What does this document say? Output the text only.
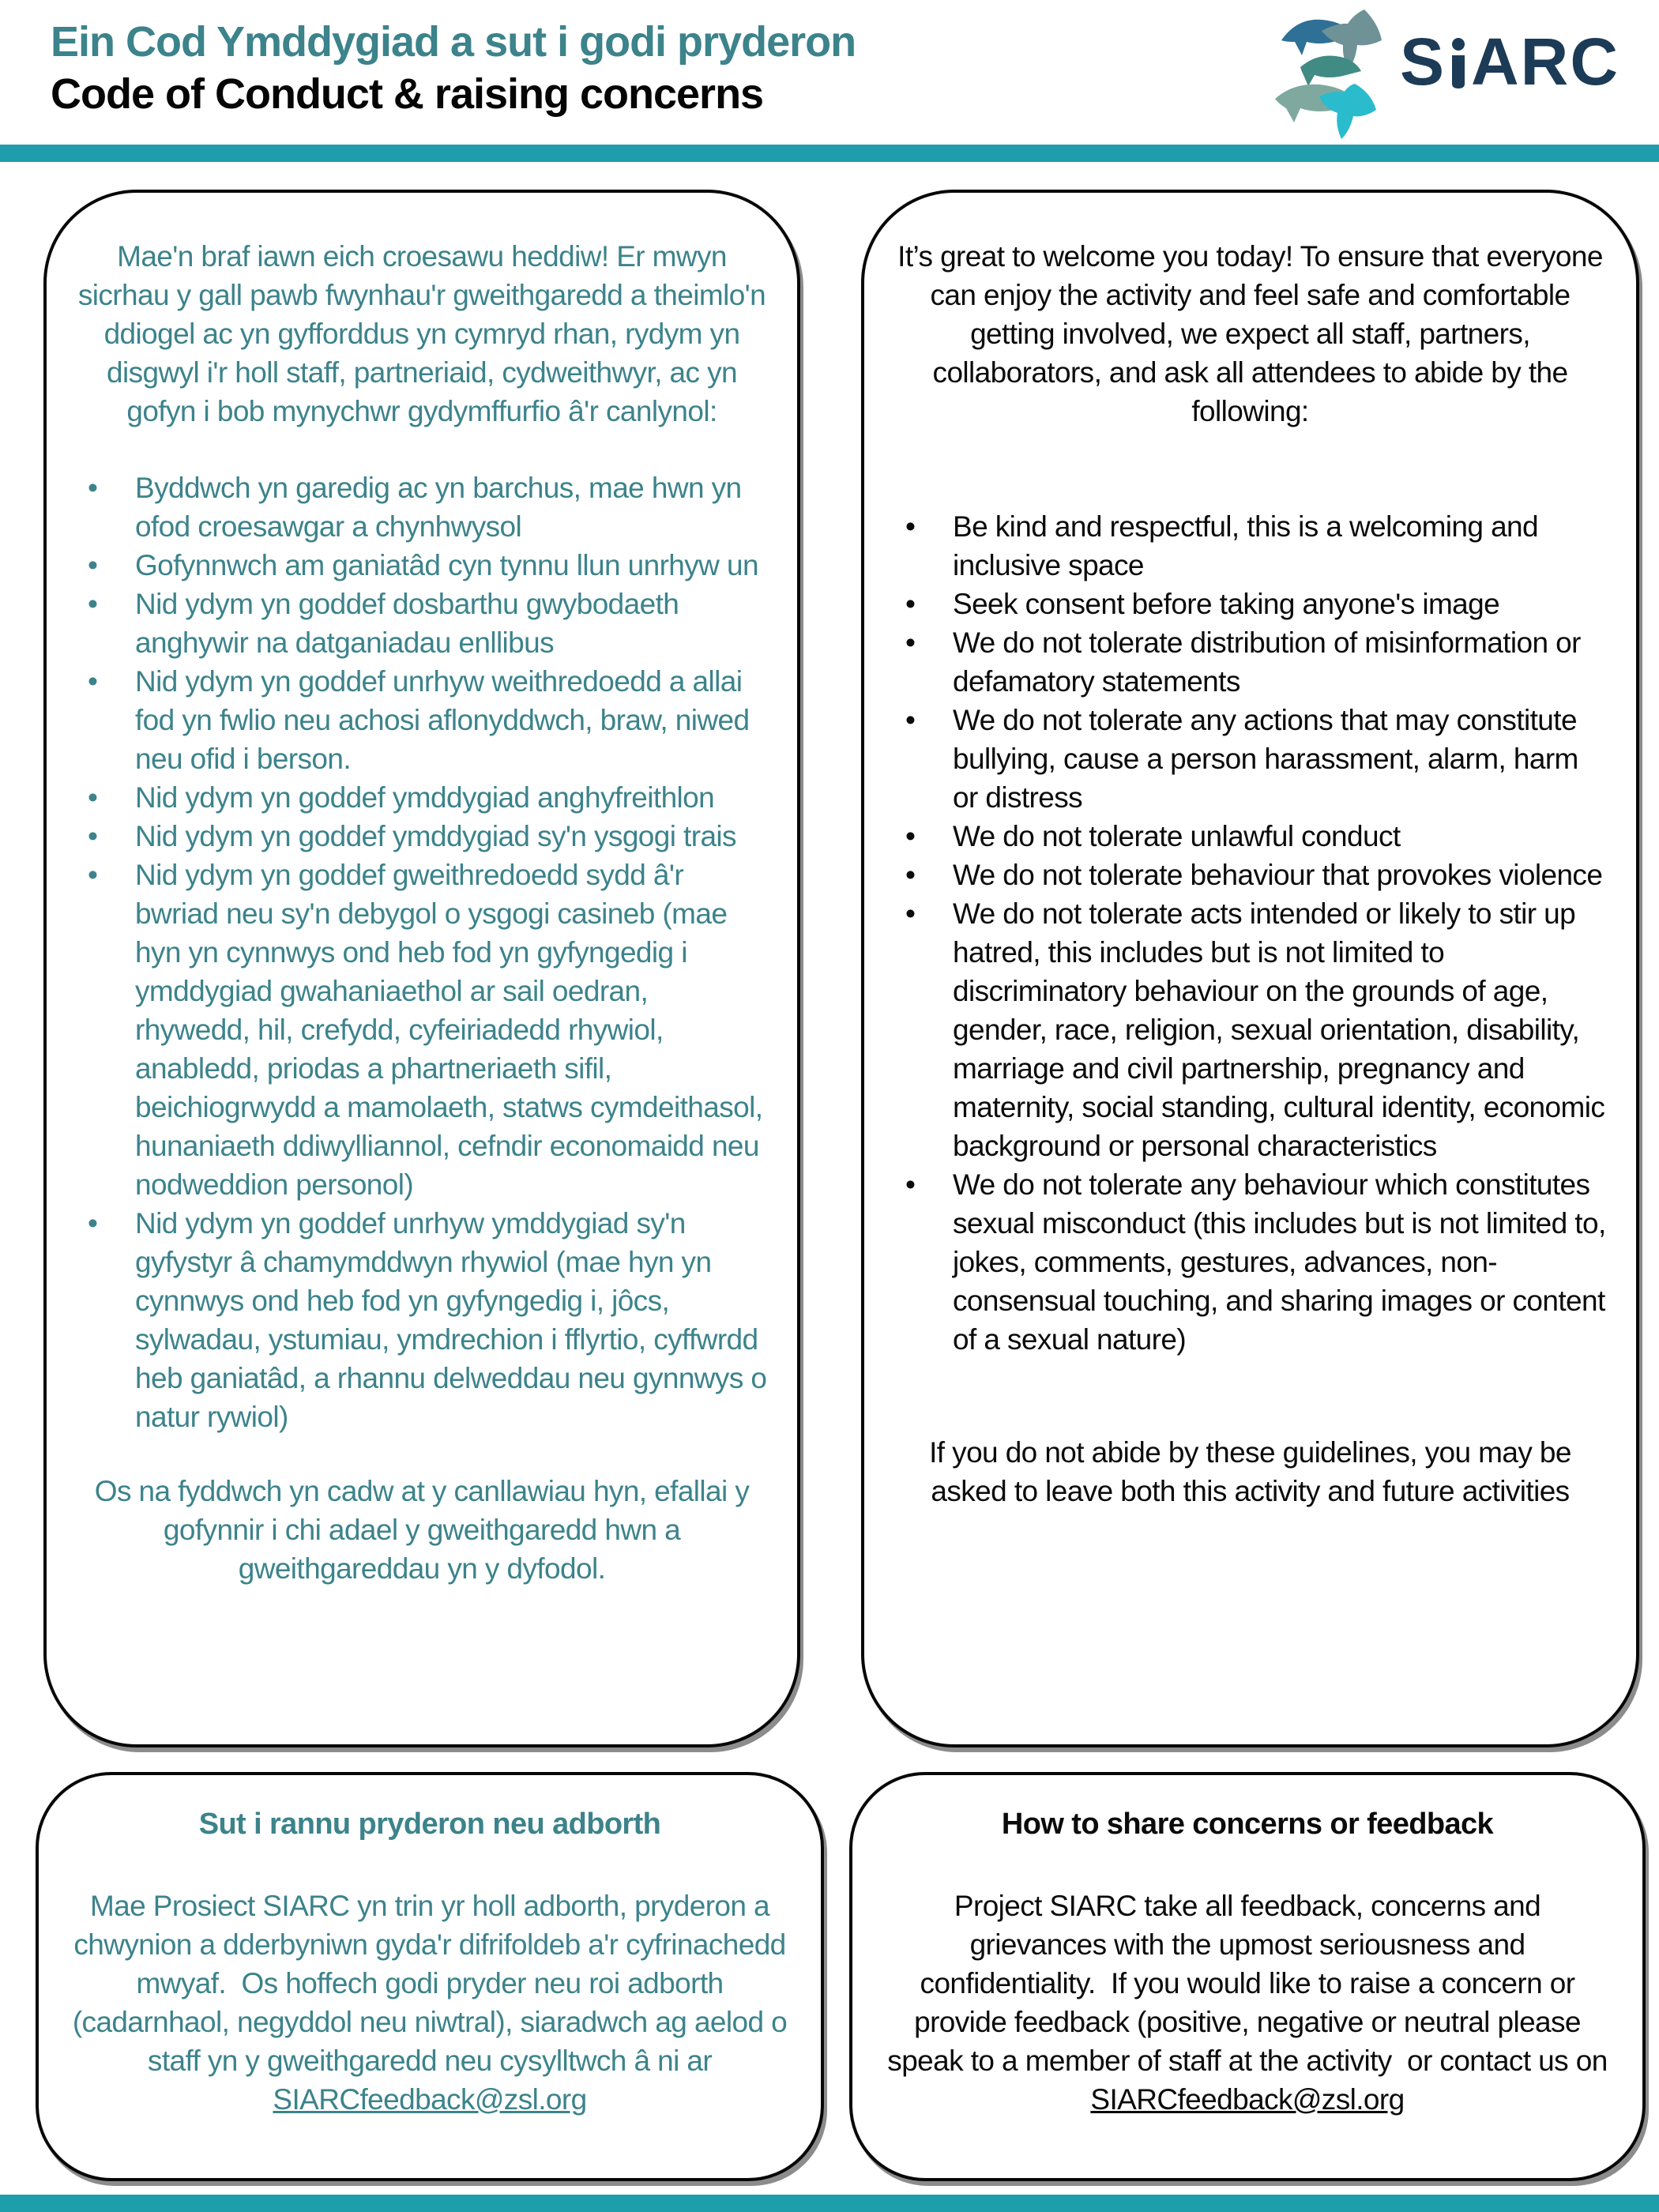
Ein Cod Ymddygiad a sut i godi pryderon
Code of Conduct & raising concerns	S ARC

Mae'n braf iawn eich croesawu heddiw! Er mwyn sicrhau y gall pawb fwynhau'r gweithgaredd a theimlo'n ddiogel ac yn gyfforddus yn cymryd rhan, rydym yn disgwyl i'r holl staff, partneriaid, cydweithwyr, ac yn gofyn i bob mynychwr gydymffurfio â'r canlynol:

• Byddwch yn garedig ac yn barchus, mae hwn yn ofod croesawgar a chynhwysol
• Gofynnwch am ganiatâd cyn tynnu llun unrhyw un
• Nid ydym yn goddef dosbarthu gwybodaeth anghywir na datganiadau enllibus
• Nid ydym yn goddef unrhyw weithredoedd a allai fod yn fwlio neu achosi aflonyddwch, braw, niwed neu ofid i berson.
• Nid ydym yn goddef ymddygiad anghyfreithlon
• Nid ydym yn goddef ymddygiad sy'n ysgogi trais
• Nid ydym yn goddef gweithredoedd sydd â'r bwriad neu sy'n debygol o ysgogi casineb (mae hyn yn cynnwys ond heb fod yn gyfyngedig i ymddygiad gwahaniaethol ar sail oedran, rhywedd, hil, crefydd, cyfeiriadedd rhywiol, anabledd, priodas a phartneriaeth sifil, beichiogrwydd a mamolaeth, statws cymdeithasol, hunaniaeth ddiwylliannol, cefndir economaidd neu nodweddion personol)
• Nid ydym yn goddef unrhyw ymddygiad sy'n gyfystyr â chamymddwyn rhywiol (mae hyn yn cynnwys ond heb fod yn gyfyngedig i, jôcs, sylwadau, ystumiau, ymdrechion i fflyrtio, cyffwrdd heb ganiatâd, a rhannu delweddau neu gynnwys o natur rywiol)

Os na fyddwch yn cadw at y canllawiau hyn, efallai y gofynnir i chi adael y gweithgaredd hwn a gweithgareddau yn y dyfodol.

It’s great to welcome you today! To ensure that everyone can enjoy the activity and feel safe and comfortable getting involved, we expect all staff, partners, collaborators, and ask all attendees to abide by the following:

• Be kind and respectful, this is a welcoming and inclusive space
• Seek consent before taking anyone's image
• We do not tolerate distribution of misinformation or defamatory statements
• We do not tolerate any actions that may constitute bullying, cause a person harassment, alarm, harm or distress
• We do not tolerate unlawful conduct
• We do not tolerate behaviour that provokes violence
• We do not tolerate acts intended or likely to stir up hatred, this includes but is not limited to discriminatory behaviour on the grounds of age, gender, race, religion, sexual orientation, disability, marriage and civil partnership, pregnancy and maternity, social standing, cultural identity, economic background or personal characteristics
• We do not tolerate any behaviour which constitutes sexual misconduct (this includes but is not limited to, jokes, comments, gestures, advances, non-consensual touching, and sharing images or content of a sexual nature)

If you do not abide by these guidelines, you may be asked to leave both this activity and future activities

Sut i rannu pryderon neu adborth

Mae Prosiect SIARC yn trin yr holl adborth, pryderon a chwynion a dderbyniwn gyda'r difrifoldeb a'r cyfrinachedd mwyaf.  Os hoffech godi pryder neu roi adborth (cadarnhaol, negyddol neu niwtral), siaradwch ag aelod o staff yn y gweithgaredd neu cysylltwch â ni ar SIARCfeedback@zsl.org

How to share concerns or feedback

Project SIARC take all feedback, concerns and grievances with the upmost seriousness and confidentiality.  If you would like to raise a concern or provide feedback (positive, negative or neutral please speak to a member of staff at the activity  or contact us on SIARCfeedback@zsl.org
